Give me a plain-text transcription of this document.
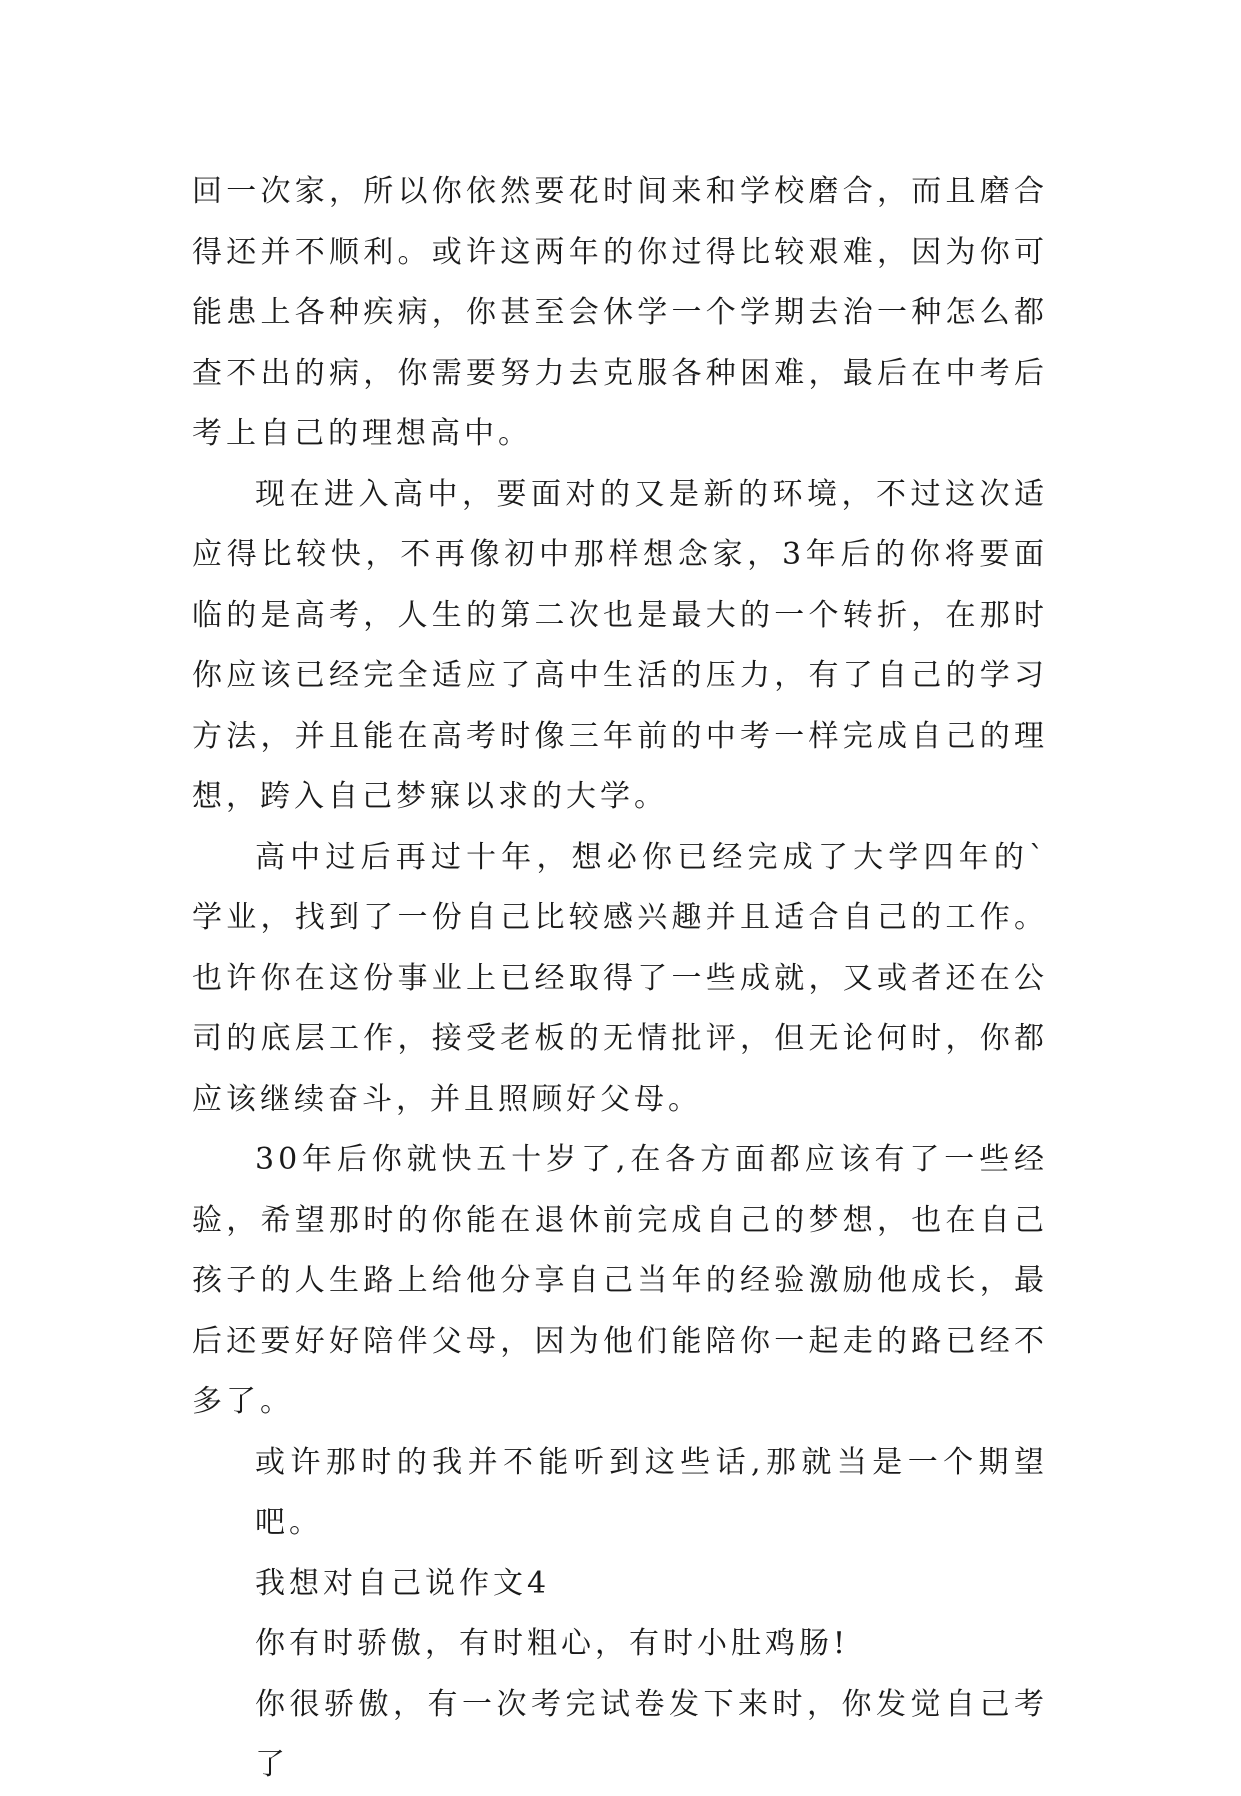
回一次家，所以你依然要花时间来和学校磨合，而且磨合得还并不顺利。或许这两年的你过得比较艰难，因为你可能患上各种疾病，你甚至会休学一个学期去治一种怎么都查不出的病，你需要努力去克服各种困难，最后在中考后考上自己的理想高中。

现在进入高中，要面对的又是新的环境，不过这次适应得比较快，不再像初中那样想念家，3年后的你将要面临的是高考，人生的第二次也是最大的一个转折，在那时你应该已经完全适应了高中生活的压力，有了自己的学习方法，并且能在高考时像三年前的中考一样完成自己的理想，跨入自己梦寐以求的大学。

高中过后再过十年，想必你已经完成了大学四年的`学业，找到了一份自己比较感兴趣并且适合自己的工作。也许你在这份事业上已经取得了一些成就，又或者还在公司的底层工作，接受老板的无情批评，但无论何时，你都应该继续奋斗，并且照顾好父母。

30年后你就快五十岁了,在各方面都应该有了一些经验，希望那时的你能在退休前完成自己的梦想，也在自己孩子的人生路上给他分享自己当年的经验激励他成长，最后还要好好陪伴父母，因为他们能陪你一起走的路已经不多了。

或许那时的我并不能听到这些话,那就当是一个期望吧。

我想对自己说作文4

你有时骄傲，有时粗心，有时小肚鸡肠!

你很骄傲，有一次考完试卷发下来时，你发觉自己考了
